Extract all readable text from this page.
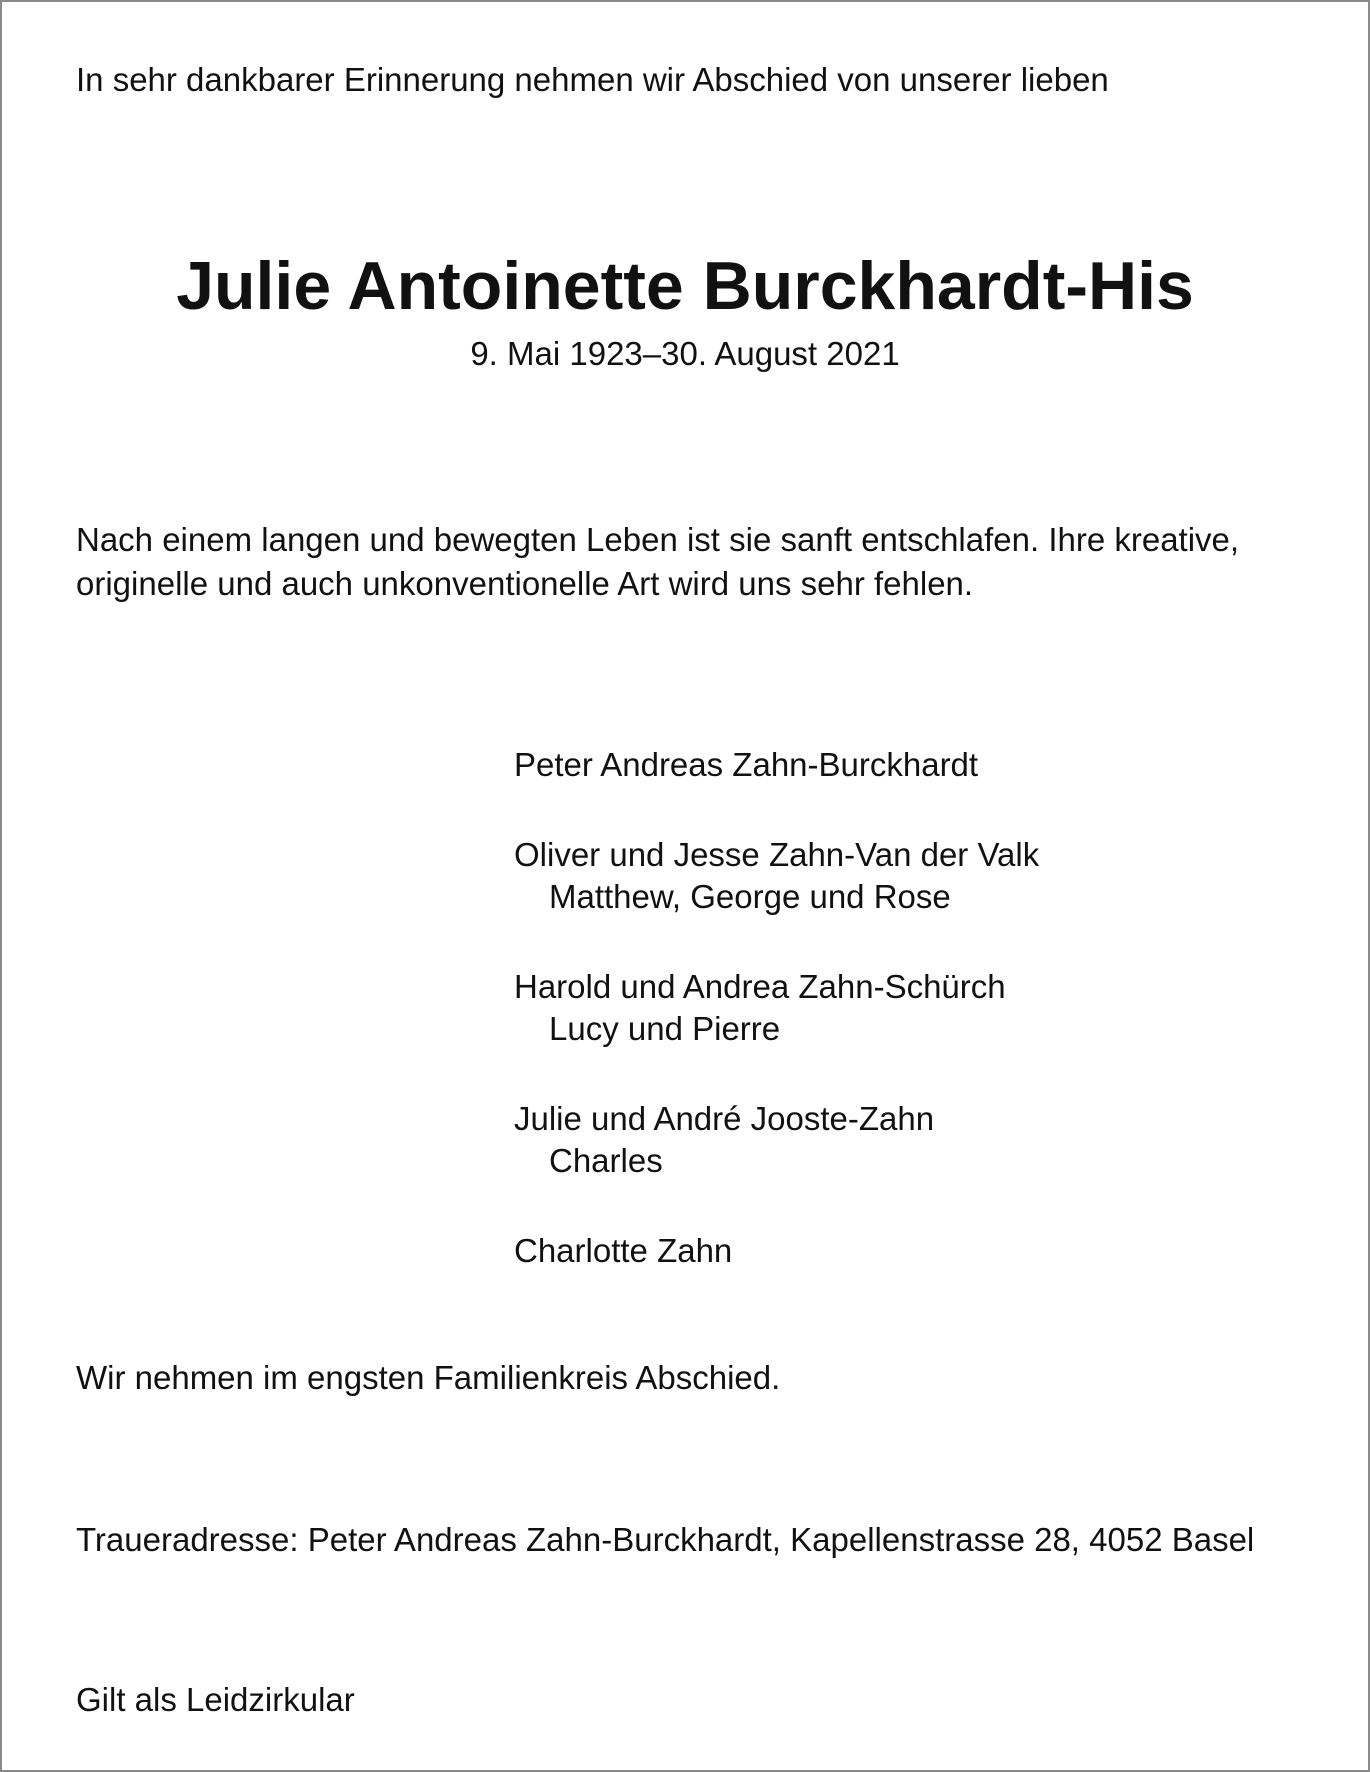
In sehr dankbarer Erinnerung nehmen wir Abschied von unserer lieben
Julie Antoinette Burckhardt-His
9. Mai 1923–30. August 2021

Nach einem langen und bewegten Leben ist sie sanft entschlafen. Ihre kreative,

originelle und auch unkonventionelle Art wird uns sehr fehlen.

Peter Andreas Zahn-Burckhardt
Oliver und Jesse Zahn-Van der Valk
Matthew, George und Rose
Harold und Andrea Zahn-Schürch
Lucy und Pierre
Julie und André Jooste-Zahn
Charles
Charlotte Zahn
Wir nehmen im engsten Familienkreis Abschied.
Traueradresse: Peter Andreas Zahn-Burckhardt, Kapellenstrasse 28, 4052 Basel
Gilt als Leidzirkular
